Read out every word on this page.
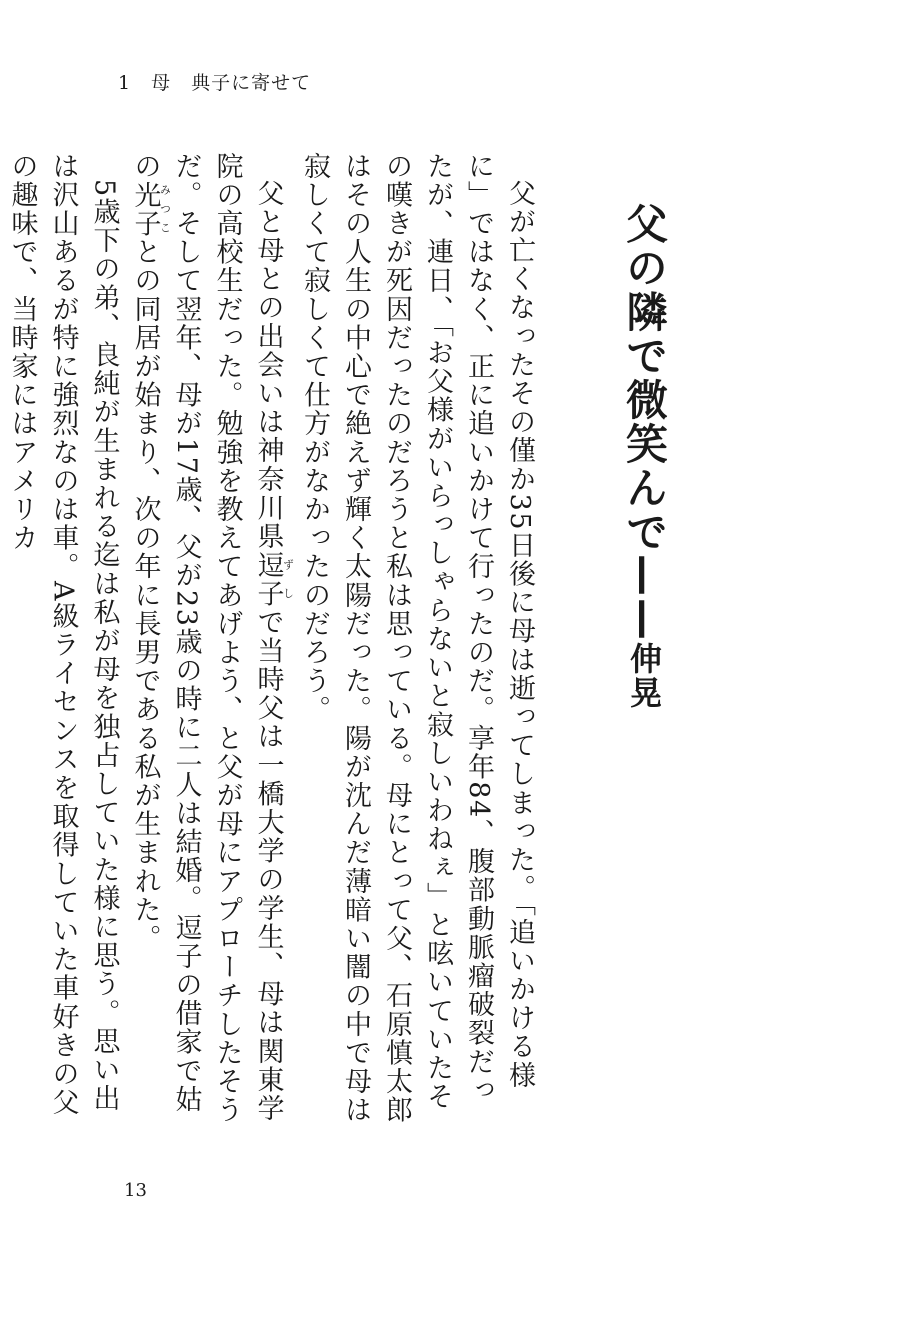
1　母　典子に寄せて
父の隣で微笑んで——伸晃

父が亡くなったその僅か35日後に母は逝ってしまった。「追いかける様に」ではなく、正に追いかけて行ったのだ。享年84、腹部動脈瘤破裂だったが、連日、「お父様がいらっしゃらないと寂しいわねぇ」と呟いていたその嘆きが死因だったのだろうと私は思っている。母にとって父、石原慎太郎はその人生の中心で絶えず輝く太陽だった。陽が沈んだ薄暗い闇の中で母は寂しくて寂しくて仕方がなかったのだろう。

父と母との出会いは神奈川県逗子ずしで当時父は一橋大学の学生、母は関東学院の高校生だった。勉強を教えてあげよう、と父が母にアプローチしたそうだ。そして翌年、母が17歳、父が23歳の時に二人は結婚。逗子の借家で姑の光子みつことの同居が始まり、次の年に長男である私が生まれた。

5歳下の弟、良純が生まれる迄は私が母を独占していた様に思う。思い出は沢山あるが特に強烈なのは車。A級ライセンスを取得していた車好きの父の趣味で、当時家にはアメリカ

13
